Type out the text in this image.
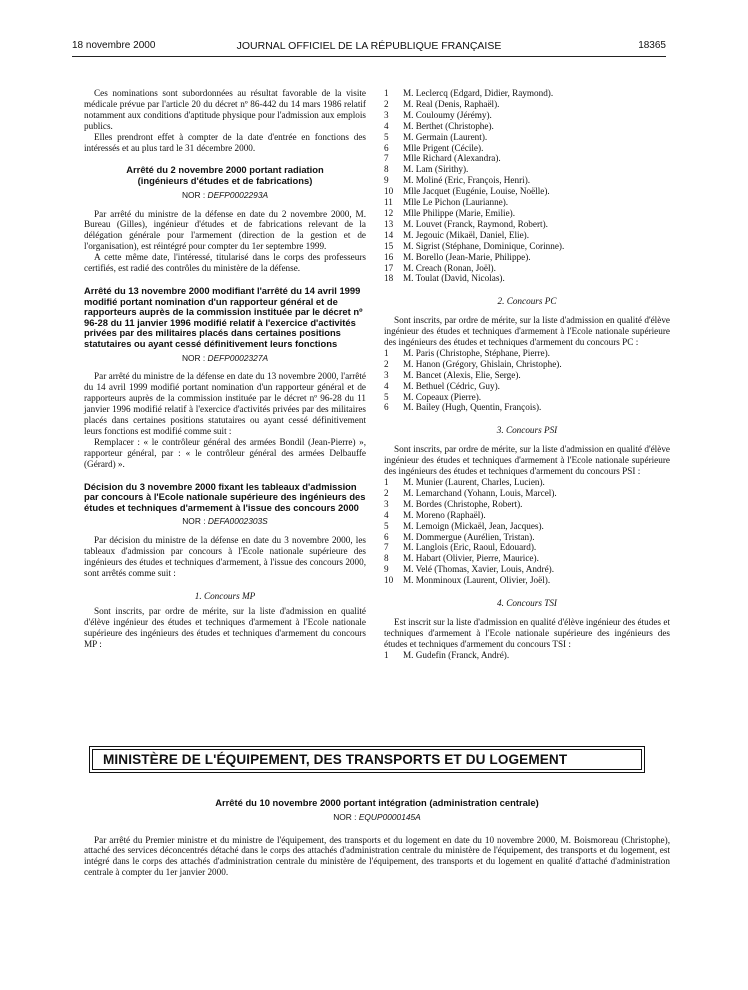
18 novembre 2000	JOURNAL OFFICIEL DE LA RÉPUBLIQUE FRANÇAISE	18365

Ces nominations sont subordonnées au résultat favorable de la visite médicale prévue par l'article 20 du décret nº 86-442 du 14 mars 1986 relatif notamment aux conditions d'aptitude physique pour l'admission aux emplois publics.

Elles prendront effet à compter de la date d'entrée en fonctions des intéressés et au plus tard le 31 décembre 2000.

Arrêté du 2 novembre 2000 portant radiation
(ingénieurs d'études et de fabrications)
NOR : DEFP0002293A

Par arrêté du ministre de la défense en date du 2 novembre 2000, M. Bureau (Gilles), ingénieur d'études et de fabrications relevant de la délégation générale pour l'armement (direction de la gestion et de l'organisation), est réintégré pour compter du 1er septembre 1999.

A cette même date, l'intéressé, titularisé dans le corps des professeurs certifiés, est radié des contrôles du ministère de la défense.

Arrêté du 13 novembre 2000 modifiant l'arrêté du 14 avril 1999 modifié portant nomination d'un rapporteur général et de rapporteurs auprès de la commission instituée par le décret nº 96-28 du 11 janvier 1996 modifié relatif à l'exercice d'activités privées par des militaires placés dans certaines positions statutaires ou ayant cessé définitivement leurs fonctions
NOR : DEFP0002327A

Par arrêté du ministre de la défense en date du 13 novembre 2000, l'arrêté du 14 avril 1999 modifié portant nomination d'un rapporteur général et de rapporteurs auprès de la commission instituée par le décret nº 96-28 du 11 janvier 1996 modifié relatif à l'exercice d'activités privées par des militaires placés dans certaines positions statutaires ou ayant cessé définitivement leurs fonctions est modifié comme suit :

Remplacer : « le contrôleur général des armées Bondil (Jean-Pierre) », rapporteur général, par : « le contrôleur général des armées Delbauffe (Gérard) ».

Décision du 3 novembre 2000 fixant les tableaux d'admission par concours à l'Ecole nationale supérieure des ingénieurs des études et techniques d'armement à l'issue des concours 2000
NOR : DEFA0002303S

Par décision du ministre de la défense en date du 3 novembre 2000, les tableaux d'admission par concours à l'Ecole nationale supérieure des ingénieurs des études et techniques d'armement, à l'issue des concours 2000, sont arrêtés comme suit :

1. Concours MP

Sont inscrits, par ordre de mérite, sur la liste d'admission en qualité d'élève ingénieur des études et techniques d'armement à l'Ecole nationale supérieure des ingénieurs des études et techniques d'armement du concours MP :

1	M. Leclercq (Edgard, Didier, Raymond).
2	M. Real (Denis, Raphaël).
3	M. Couloumy (Jérémy).
4	M. Berthet (Christophe).
5	M. Germain (Laurent).
6	Mlle Prigent (Cécile).
7	Mlle Richard (Alexandra).
8	M. Lam (Sirithy).
9	M. Moliné (Eric, François, Henri).
10	Mlle Jacquet (Eugénie, Louise, Noëlle).
11	Mlle Le Pichon (Laurianne).
12	Mlle Philippe (Marie, Emilie).
13	M. Louvet (Franck, Raymond, Robert).
14	M. Jegouic (Mikaël, Daniel, Elie).
15	M. Sigrist (Stéphane, Dominique, Corinne).
16	M. Borello (Jean-Marie, Philippe).
17	M. Creach (Ronan, Joël).
18	M. Toulat (David, Nicolas).

2. Concours PC

Sont inscrits, par ordre de mérite, sur la liste d'admission en qualité d'élève ingénieur des études et techniques d'armement à l'Ecole nationale supérieure des ingénieurs des études et techniques d'armement du concours PC :

1	M. Paris (Christophe, Stéphane, Pierre).
2	M. Hanon (Grégory, Ghislain, Christophe).
3	M. Bancet (Alexis, Elie, Serge).
4	M. Bethuel (Cédric, Guy).
5	M. Copeaux (Pierre).
6	M. Bailey (Hugh, Quentin, François).

3. Concours PSI

Sont inscrits, par ordre de mérite, sur la liste d'admission en qualité d'élève ingénieur des études et techniques d'armement à l'Ecole nationale supérieure des ingénieurs des études et techniques d'armement du concours PSI :

1	M. Munier (Laurent, Charles, Lucien).
2	M. Lemarchand (Yohann, Louis, Marcel).
3	M. Bordes (Christophe, Robert).
4	M. Moreno (Raphaël).
5	M. Lemoign (Mickaël, Jean, Jacques).
6	M. Dommergue (Aurélien, Tristan).
7	M. Langlois (Eric, Raoul, Edouard).
8	M. Habart (Olivier, Pierre, Maurice).
9	M. Velé (Thomas, Xavier, Louis, André).
10	M. Monminoux (Laurent, Olivier, Joël).

4. Concours TSI

Est inscrit sur la liste d'admission en qualité d'élève ingénieur des études et techniques d'armement à l'Ecole nationale supérieure des ingénieurs des études et techniques d'armement du concours TSI :

1	M. Gudefin (Franck, André).
MINISTÈRE DE L'ÉQUIPEMENT, DES TRANSPORTS ET DU LOGEMENT
Arrêté du 10 novembre 2000 portant intégration (administration centrale)
NOR : EQUP0000145A

Par arrêté du Premier ministre et du ministre de l'équipement, des transports et du logement en date du 10 novembre 2000, M. Boismoreau (Christophe), attaché des services déconcentrés détaché dans le corps des attachés d'administration centrale du ministère de l'équipement, des transports et du logement, est intégré dans le corps des attachés d'administration centrale du ministère de l'équipement, des transports et du logement en qualité d'attaché d'administration centrale à compter du 1er janvier 2000.
